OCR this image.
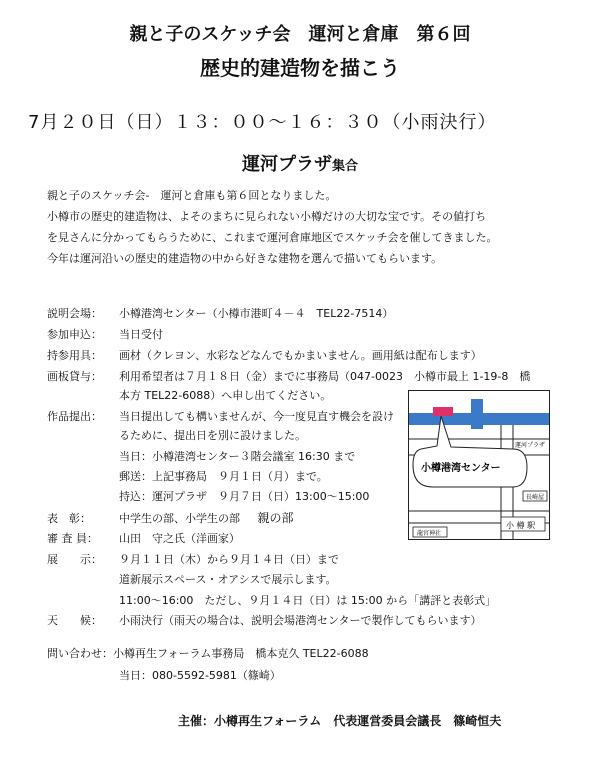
親と子のスケッチ会　運河と倉庫　第６回
歴史的建造物を描こう
7月２０日（日）１３：００～１６：３０（小雨決行）
運河プラザ集合
親と子のスケッチ会‐　運河と倉庫も第６回となりました。
小樽市の歴史的建造物は、よそのまちに見られない小樽だけの大切な宝です。その値打ち
を見さんに分かってもらうために、これまで運河倉庫地区でスケッチ会を催してきました。
今年は運河沿いの歴史的建造物の中から好きな建物を選んで描いてもらいます。
説明会場： 小樽港湾センター（小樽市港町４－４　TEL22-7514）
参加申込： 当日受付
持参用具： 画材（クレヨン、水彩などなんでもかまいません。画用紙は配布します）
画板貸与： 利用希望者は７月１８日（金）までに事務局（047-0023　小樽市最上 1-19-8　橋
本方 TEL22-6088）へ申し出てください。
作品提出： 当日提出しても構いませんが、今一度見直す機会を設け
るために、提出日を別に設けました。
当日：小樽港湾センター３階会議室 16:30 まで
郵送：上記事務局　９月１日（月）まで。
持込：運河プラザ　９月７日（日）13:00～15:00
表　彰：	中学生の部、小学生の部 親の部
審 査 員： 山田　守之氏（洋画家）
展　　示： ９月１１日（木）から９月１４日（日）まで
道新展示スペース・オアシスで展示します。
11:00～16:00　ただし、９月１４日（日）は 15:00 から「講評と表彰式」
天　　候： 小雨決行（雨天の場合は、説明会場港湾センターで製作してもらいます）
運河プラザ
小樽港湾センター
長崎屋
龍宮神社
小 樽 駅
問い合わせ：小樽再生フォーラム事務局　橋本克久 TEL22-6088
当日：080-5592-5981（篠崎）
主催：小樽再生フォーラム　代表運営委員会議長　篠崎恒夫
